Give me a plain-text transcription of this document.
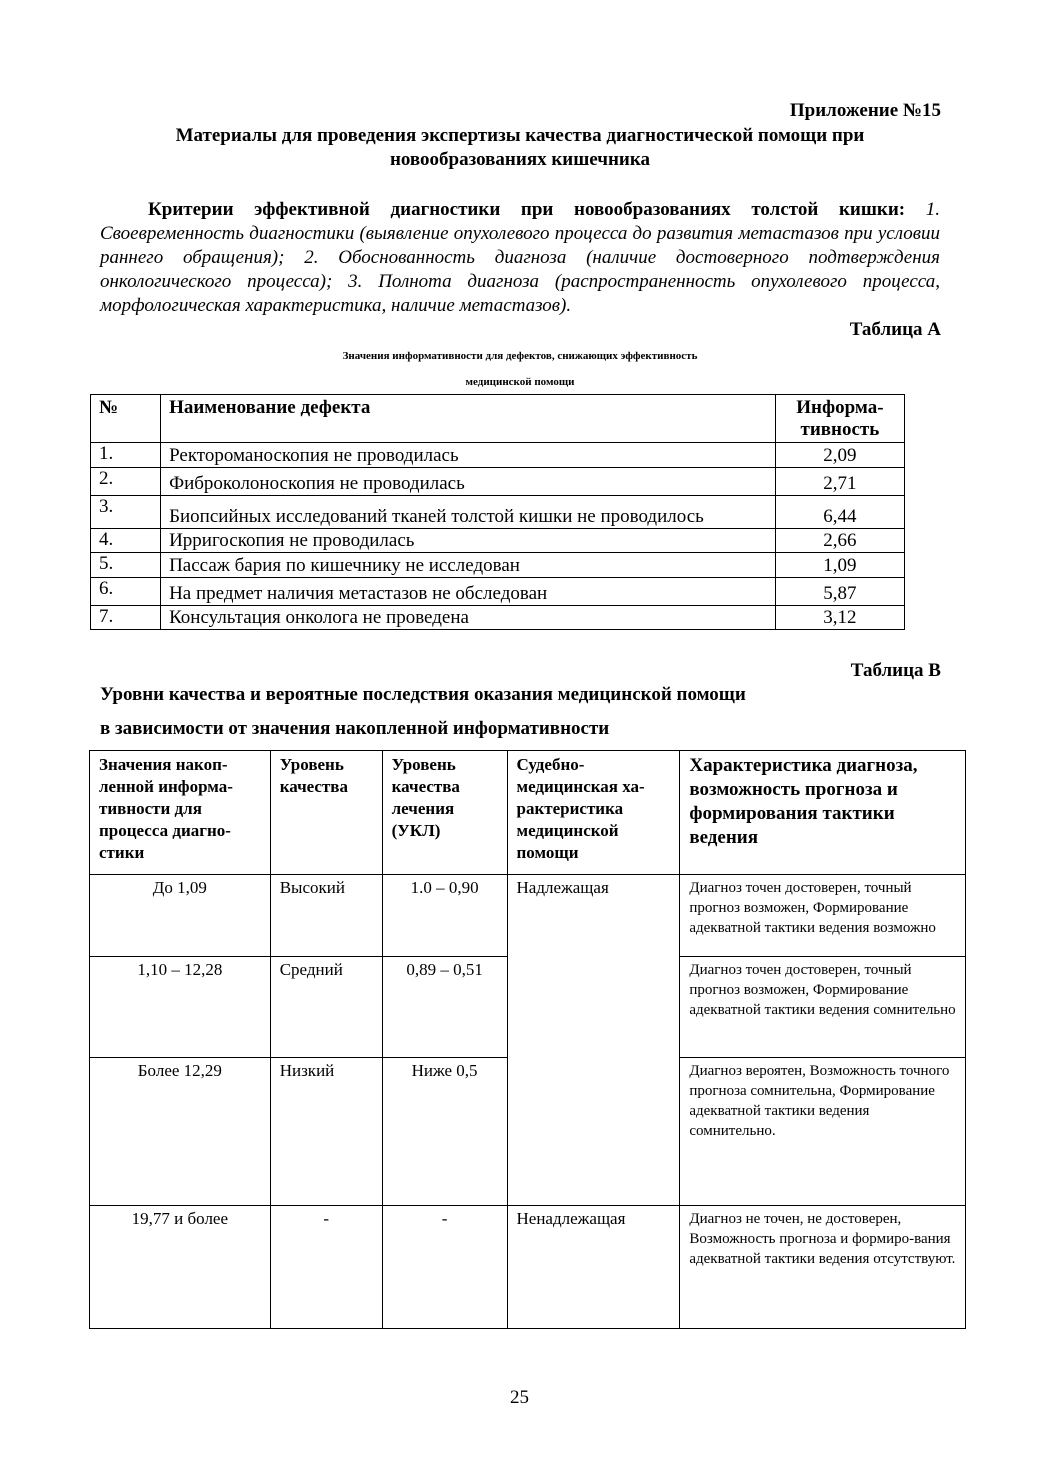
Приложение №15
Материалы для проведения экспертизы качества диагностической помощи при новообразованиях кишечника
Критерии эффективной диагностики при новообразованиях толстой кишки: 1. Своевременность диагностики (выявление опухолевого процесса до развития метастазов при условии раннего обращения); 2. Обоснованность диагноза (наличие достоверного подтверждения онкологического процесса); 3. Полнота диагноза (распространенность опухолевого процесса, морфологическая характеристика, наличие метастазов).
Таблица А
Значения информативности для дефектов, снижающих эффективность
медицинской помощи
№	Наименование дефекта	Информа-тивность
1.	Ректороманоскопия не проводилась	2,09
2.	Фиброколоноскопия не проводилась	2,71
3.	Биопсийных исследований тканей толстой кишки не проводилось	6,44
4.	Ирригоскопия не проводилась	2,66
5.	Пассаж бария по кишечнику не исследован	1,09
6.	На предмет наличия метастазов не обследован	5,87
7.	Консультация онколога не проведена	3,12
Таблица В
Уровни качества и вероятные последствия оказания медицинской помощи
в зависимости от значения накопленной информативности
Значения накоп-ленной информа-тивности для процесса диагно-стики	Уровень качества	Уровень качества лечения (УКЛ)	Судебно-медицинская ха-рактеристика медицинской помощи	Характеристика диагноза, возможность прогноза и формирования тактики ведения
До 1,09	Высокий	1.0 – 0,90	Надлежащая	Диагноз точен достоверен, точный прогноз возможен, Формирование адекватной тактики ведения возможно
1,10 – 12,28	Средний	0,89 – 0,51		Диагноз точен достоверен, точный прогноз возможен, Формирование адекватной тактики ведения сомнительно
Более 12,29	Низкий	Ниже 0,5		Диагноз вероятен, Возможность точного прогноза сомнительна, Формирование адекватной тактики ведения сомнительно.
19,77 и более	-	-	Ненадлежащая	Диагноз не точен, не достоверен, Возможность прогноза и формиро-вания адекватной тактики ведения отсутствуют.
25
